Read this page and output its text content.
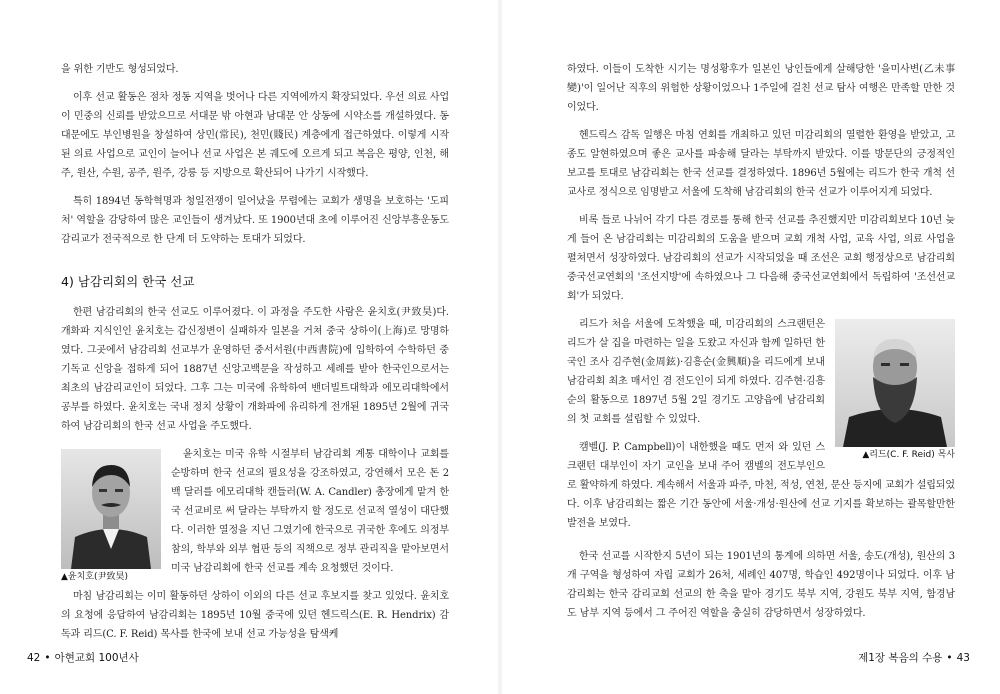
을 위한 기반도 형성되었다.

이후 선교 활동은 점차 정동 지역을 벗어나 다른 지역에까지 확장되었다. 우선 의료 사업이 민중의 신뢰를 받았으므로 서대문 밖 아현과 남대문 안 상동에 시약소를 개설하였다. 동대문에도 부인병원을 창설하여 상민(常民), 천민(賤民) 계층에게 접근하였다. 이렇게 시작된 의료 사업으로 교인이 늘어나 선교 사업은 본 궤도에 오르게 되고 복음은 평양, 인천, 해주, 원산, 수원, 공주, 원주, 강릉 등 지방으로 확산되어 나가기 시작했다.

특히 1894년 동학혁명과 청일전쟁이 일어났을 무렵에는 교회가 생명을 보호하는 '도피처' 역할을 감당하여 많은 교인들이 생겨났다. 또 1900년대 초에 이루어진 신앙부흥운동도 감리교가 전국적으로 한 단계 더 도약하는 토대가 되었다.

4) 남감리회의 한국 선교

한편 남감리회의 한국 선교도 이루어졌다. 이 과정을 주도한 사람은 윤치호(尹致昊)다. 개화파 지식인인 윤치호는 갑신정변이 실패하자 일본을 거쳐 중국 상하이(上海)로 망명하였다. 그곳에서 남감리회 선교부가 운영하던 중서서원(中西書院)에 입학하여 수학하던 중 기독교 신앙을 접하게 되어 1887년 신앙고백문을 작성하고 세례를 받아 한국인으로서는 최초의 남감리교인이 되었다. 그후 그는 미국에 유학하여 밴더빌트대학과 에모리대학에서 공부를 하였다. 윤치호는 국내 정치 상황이 개화파에 유리하게 전개된 1895년 2월에 귀국하여 남감리회의 한국 선교 사업을 주도했다.

▲윤치호(尹致昊)

윤치호는 미국 유학 시절부터 남감리회 계통 대학이나 교회를 순방하며 한국 선교의 필요성을 강조하였고, 강연해서 모은 돈 2백 달러를 에모리대학 캔들러(W. A. Candler) 총장에게 맡겨 한국 선교비로 써 달라는 부탁까지 할 정도로 선교적 열성이 대단했다. 이러한 열정을 지닌 그였기에 한국으로 귀국한 후에도 의정부 참의, 학부와 외부 협판 등의 직책으로 정부 관리직을 맡아보면서 미국 남감리회에 한국 선교를 계속 요청했던 것이다.

마침 남감리회는 이미 활동하던 상하이 이외의 다른 선교 후보지를 찾고 있었다. 윤치호의 요청에 응답하여 남감리회는 1895년 10월 중국에 있던 헨드릭스(E. R. Hendrix) 감독과 리드(C. F. Reid) 목사를 한국에 보내 선교 가능성을 탐색케

하였다. 이들이 도착한 시기는 명성황후가 일본인 낭인들에게 살해당한 '을미사변(乙未事變)'이 일어난 직후의 위험한 상황이었으나 1주일에 걸친 선교 탐사 여행은 만족할 만한 것이었다.

헨드릭스 감독 일행은 마침 연회를 개최하고 있던 미감리회의 열렬한 환영을 받았고, 고종도 알현하였으며 좋은 교사를 파송해 달라는 부탁까지 받았다. 이를 방문단의 긍정적인 보고를 토대로 남감리회는 한국 선교를 결정하였다. 1896년 5월에는 리드가 한국 개척 선교사로 정식으로 임명받고 서울에 도착해 남감리회의 한국 선교가 이루어지게 되었다.

비록 들로 나뉘어 각기 다른 경로를 통해 한국 선교를 추진했지만 미감리회보다 10년 늦게 들어 온 남감리회는 미감리회의 도움을 받으며 교회 개척 사업, 교육 사업, 의료 사업을 펼쳐면서 성장하였다. 남감리회의 선교가 시작되었을 때 조선은 교회 행정상으로 남감리회 중국선교연회의 '조선지방'에 속하였으나 그 다음해 중국선교연회에서 독립하여 '조선선교회'가 되었다.

▲리드(C. F. Reid) 목사

리드가 처음 서울에 도착했을 때, 미감리회의 스크랜턴은 리드가 살 집을 마련하는 일을 도왔고 자신과 함께 일하던 한국인 조사 김주현(金周鉉)·김흥순(金興順)을 리드에게 보내 남감리회 최초 매서인 겸 전도인이 되게 하였다. 김주현·김흥순의 활동으로 1897년 5월 2일 경기도 고양읍에 남감리회의 첫 교회를 설립할 수 있었다.

캠벨(J. P. Campbell)이 내한했을 때도 먼저 와 있던 스크랜턴 대부인이 자기 교인을 보내 주어 캠벨의 전도부인으로 활약하게 하였다. 계속해서 서울과 파주, 마천, 적성, 연천, 문산 등지에 교회가 설립되었다. 이후 남감리회는 짧은 기간 동안에 서울·개성·원산에 선교 기지를 확보하는 괄목할만한 발전을 보였다.

한국 선교를 시작한지 5년이 되는 1901년의 통계에 의하면 서울, 송도(개성), 원산의 3개 구역을 형성하여 자립 교회가 26처, 세례인 407명, 학습인 492명이나 되었다. 이후 남감리회는 한국 감리교회 선교의 한 축을 맡아 경기도 북부 지역, 강원도 북부 지역, 함경남도 남부 지역 등에서 그 주어진 역할을 충실히 감당하면서 성장하였다.

42 • 아현교회 100년사	제1장 복음의 수용 • 43
